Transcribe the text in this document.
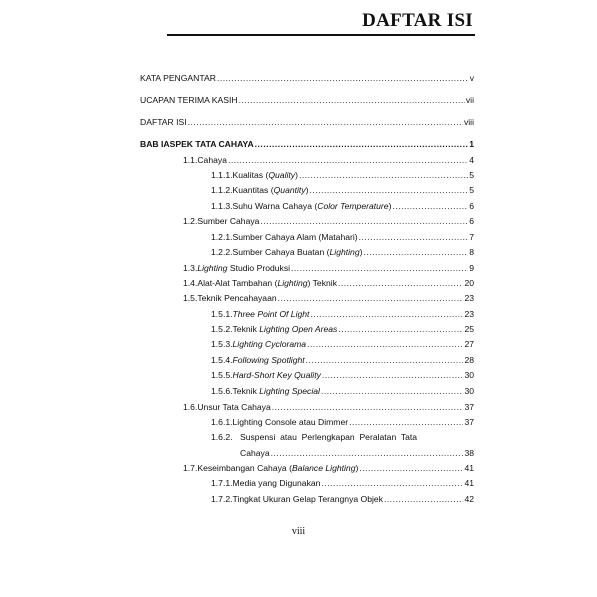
DAFTAR ISI
KATA PENGANTAR .....	v
UCAPAN TERIMA KASIH .....	vii
DAFTAR ISI .....	viii
BAB I ASPEK TATA CAHAYA .....	1
1.1. Cahaya .....	4
1.1.1. Kualitas (Quality) .....	5
1.1.2. Kuantitas (Quantity) .....	5
1.1.3. Suhu Warna Cahaya (Color Temperature) .....	6
1.2. Sumber Cahaya .....	6
1.2.1. Sumber Cahaya Alam (Matahari) .....	7
1.2.2. Sumber Cahaya Buatan (Lighting) .....	8
1.3. Lighting Studio Produksi .....	9
1.4. Alat-Alat Tambahan (Lighting) Teknik .....	20
1.5. Teknik Pencahayaan .....	23
1.5.1. Three Point Of Light .....	23
1.5.2. Teknik Lighting Open Areas .....	25
1.5.3. Lighting Cyclorama .....	27
1.5.4. Following Spotlight .....	28
1.5.5. Hard-Short Key Quality .....	30
1.5.6. Teknik Lighting Special .....	30
1.6. Unsur Tata Cahaya .....	37
1.6.1. Lighting Console atau Dimmer .....	37
1.6.2. Suspensi  atau  Perlengkapan  Peralatan  Tata
Cahaya .....	38
1.7. Keseimbangan Cahaya (Balance Lighting) .....	41
1.7.1. Media yang Digunakan .....	41
1.7.2. Tingkat Ukuran Gelap Terangnya Objek .....	42
viii
